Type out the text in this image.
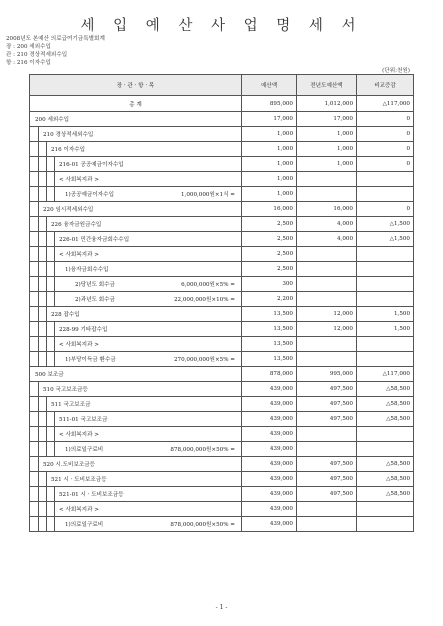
세 입 예 산 사 업 명 세 서
2008년도 본예산 의료급여기금특별회계
장 : 200 세외수입
관 : 210 경상적세외수입
항 : 216 이자수입
(단위:천원)
장 · 관 · 항 · 목	예산액	전년도예산액	비교증감
총 계	895,000	1,012,000	△117,000
200 세외수입	17,000	17,000	0

210 경상적세외수입	1,000	1,000	0

216 이자수입	1,000	1,000	0

216-01 공공예금이자수입	1,000	1,000	0

< 사회복지과 >	1,000		

1)공공예금이자수입 1,000,000원×1식 =	1,000		

220 임시적세외수입	16,000	16,000	0

226 융자금원금수입	2,500	4,000	△1,500

226-01 민간융자금회수수입	2,500	4,000	△1,500

< 사회복지과 >	2,500		

1)융자금회수수입	2,500		

2)당년도 회수금 6,000,000원×5% =	300		

2)과년도 회수금 22,000,000원×10% =	2,200		

228 잡수입	13,500	12,000	1,500

228-99 기타잡수입	13,500	12,000	1,500

< 사회복지과 >	13,500		

1)부당이득금 환수금 270,000,000원×5% =	13,500		
500 보조금	878,000	995,000	△117,000

510 국고보조금등	439,000	497,500	△58,500

511 국고보조금	439,000	497,500	△58,500

511-01 국고보조금	439,000	497,500	△58,500

< 사회복지과 >	439,000		

1)의료일구료비 878,000,000원×50% =	439,000		

520 시.도비보조금등	439,000	497,500	△58,500

521 시 · 도비보조금등	439,000	497,500	△58,500

521-01 시 · 도비보조금등	439,000	497,500	△58,500

< 사회복지과 >	439,000		

1)의료일구료비 878,000,000원×50% =	439,000		
- 1 -
